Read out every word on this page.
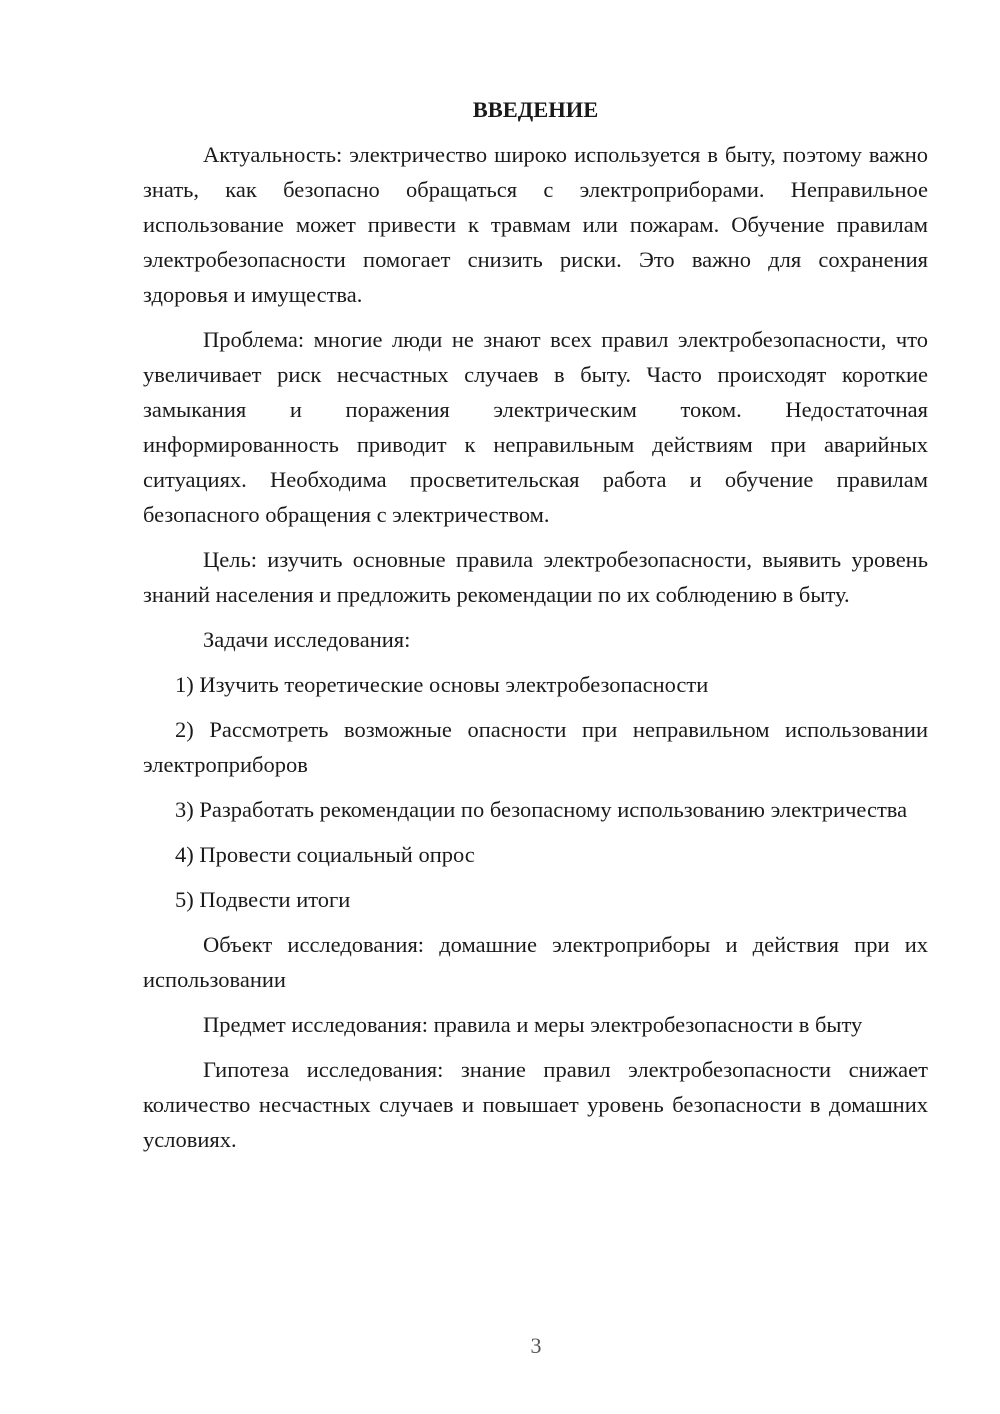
ВВЕДЕНИЕ

Актуальность: электричество широко используется в быту, поэтому важно знать, как безопасно обращаться с электроприборами. Неправильное использование может привести к травмам или пожарам. Обучение правилам электробезопасности помогает снизить риски. Это важно для сохранения здоровья и имущества.

Проблема: многие люди не знают всех правил электробезопасности, что увеличивает риск несчастных случаев в быту. Часто происходят короткие замыкания и поражения электрическим током. Недостаточная информированность приводит к неправильным действиям при аварийных ситуациях. Необходима просветительская работа и обучение правилам безопасного обращения с электричеством.

Цель: изучить основные правила электробезопасности, выявить уровень знаний населения и предложить рекомендации по их соблюдению в быту.

Задачи исследования:

1) Изучить теоретические основы электробезопасности

2) Рассмотреть возможные опасности при неправильном использовании электроприборов

3) Разработать рекомендации по безопасному использованию электричества

4) Провести социальный опрос

5) Подвести итоги

Объект исследования: домашние электроприборы и действия при их использовании

Предмет исследования: правила и меры электробезопасности в быту

Гипотеза исследования: знание правил электробезопасности снижает количество несчастных случаев и повышает уровень безопасности в домашних условиях.

3
